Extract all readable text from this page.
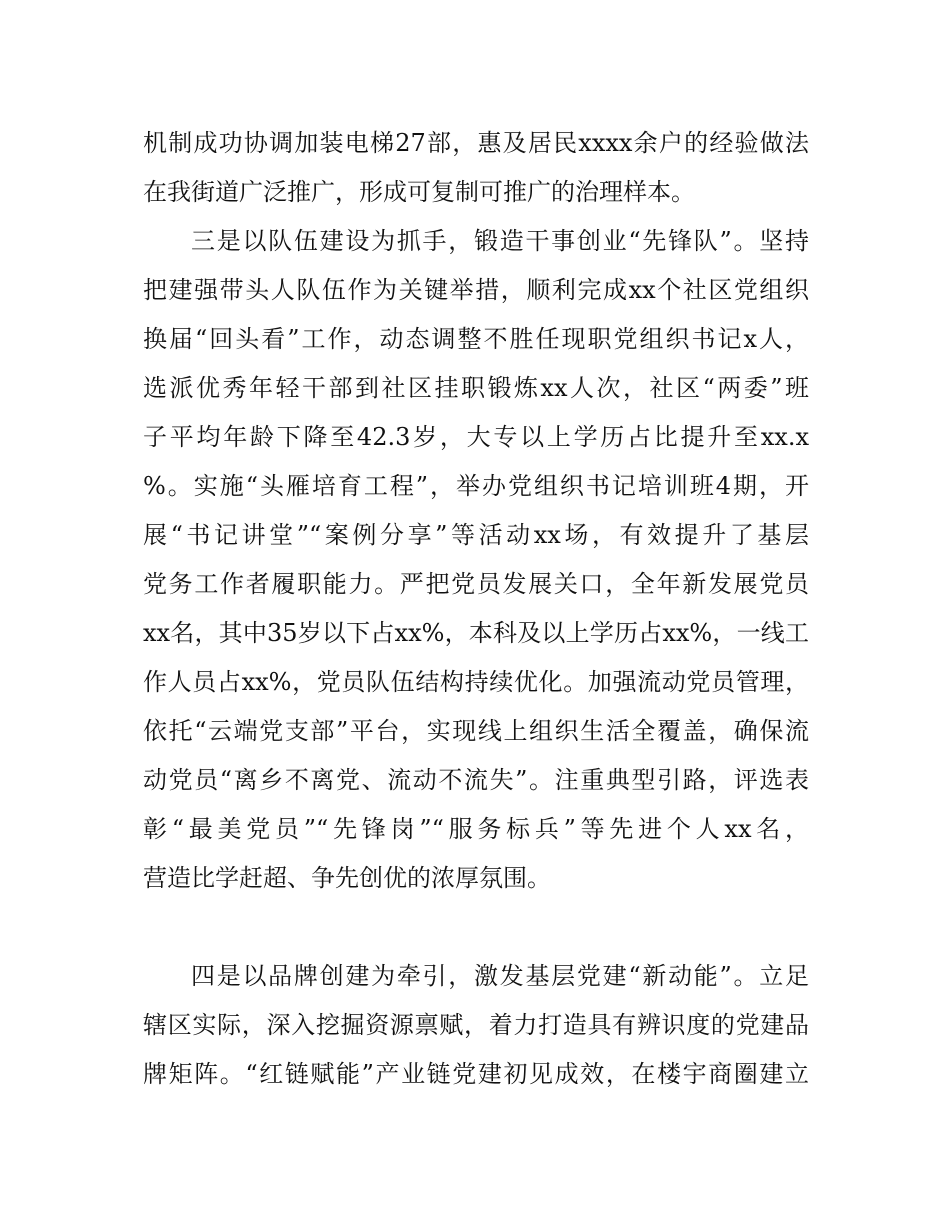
机制成功协调加装电梯27部，惠及居民xxxx余户的经验做法
在我街道广泛推广，形成可复制可推广的治理样本。
三是以队伍建设为抓手，锻造干事创业“先锋队”。坚持
把建强带头人队伍作为关键举措，顺利完成xx个社区党组织
换届“回头看”工作，动态调整不胜任现职党组织书记x人，
选派优秀年轻干部到社区挂职锻炼xx人次，社区“两委”班
子平均年龄下降至42.3岁，大专以上学历占比提升至xx.x
%。实施“头雁培育工程”，举办党组织书记培训班4期，开
展“书记讲堂”“案例分享”等活动xx场，有效提升了基层
党务工作者履职能力。严把党员发展关口，全年新发展党员
xx名，其中35岁以下占xx%，本科及以上学历占xx%，一线工
作人员占xx%，党员队伍结构持续优化。加强流动党员管理，
依托“云端党支部”平台，实现线上组织生活全覆盖，确保流
动党员“离乡不离党、流动不流失”。注重典型引路，评选表
彰“最美党员”“先锋岗”“服务标兵”等先进个人xx名，
营造比学赶超、争先创优的浓厚氛围。
四是以品牌创建为牵引，激发基层党建“新动能”。立足
辖区实际，深入挖掘资源禀赋，着力打造具有辨识度的党建品
牌矩阵。“红链赋能”产业链党建初见成效，在楼宇商圈建立
